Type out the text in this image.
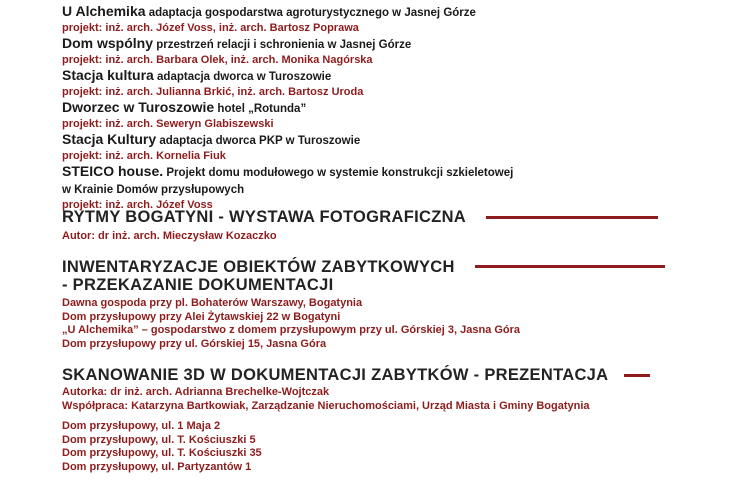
U Alchemika adaptacja gospodarstwa agroturystycznego w Jasnej Górze
projekt: inż. arch. Józef Voss, inż. arch. Bartosz Poprawa
Dom wspólny przestrzeń relacji i schronienia w Jasnej Górze
projekt: inż. arch. Barbara Olek, inż. arch. Monika Nagórska
Stacja kultura adaptacja dworca w Turoszowie
projekt: inż. arch. Julianna Brkić, inż. arch. Bartosz Uroda
Dworzec w Turoszowie hotel „Rotunda”
projekt: inż. arch. Seweryn Glabiszewski
Stacja Kultury adaptacja dworca PKP w Turoszowie
projekt: inż. arch. Kornelia Fiuk
STEICO house. Projekt domu modułowego w systemie konstrukcji szkieletowej
w Krainie Domów przysłupowych
projekt: inż. arch. Józef Voss
RYTMY BOGATYNI - WYSTAWA FOTOGRAFICZNA
Autor: dr inż. arch. Mieczysław Kozaczko
INWENTARYZACJE OBIEKTÓW ZABYTKOWYCH
- PRZEKAZANIE DOKUMENTACJI
Dawna gospoda przy pl. Bohaterów Warszawy, Bogatynia
Dom przysłupowy przy Alei Żytawskiej 22 w Bogatyni
„U Alchemika” – gospodarstwo z domem przysłupowym przy ul. Górskiej 3, Jasna Góra
Dom przysłupowy przy ul. Górskiej 15, Jasna Góra
SKANOWANIE 3D W DOKUMENTACJI ZABYTKÓW - PREZENTACJA
Autorka: dr inż. arch. Adrianna Brechelke-Wojtczak
Współpraca: Katarzyna Bartkowiak, Zarządzanie Nieruchomościami, Urząd Miasta i Gminy Bogatynia
Dom przysłupowy, ul. 1 Maja 2
Dom przysłupowy, ul. T. Kościuszki 5
Dom przysłupowy, ul. T. Kościuszki 35
Dom przysłupowy, ul. Partyzantów 1
